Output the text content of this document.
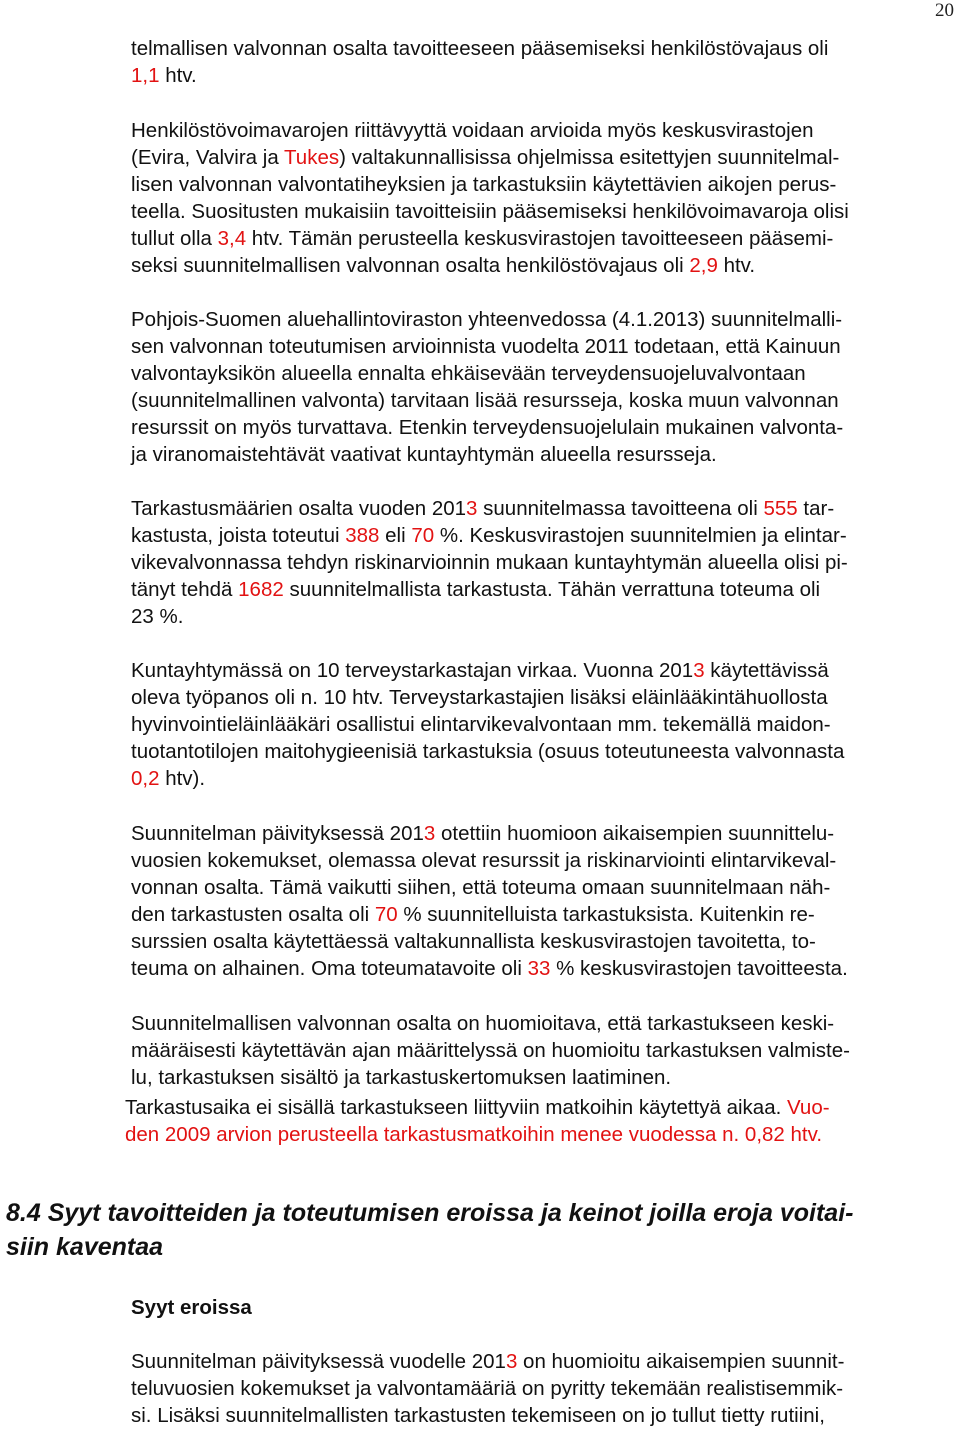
20
telmallisen valvonnan osalta tavoitteeseen pääsemiseksi henkilöstövajaus oli
1,1 htv.
Henkilöstövoimavarojen riittävyyttä voidaan arvioida myös keskusvirastojen
(Evira, Valvira ja Tukes) valtakunnallisissa ohjelmissa esitettyjen suunnitelmal-
lisen valvonnan valvontatiheyksien ja tarkastuksiin käytettävien aikojen perus-
teella. Suositusten mukaisiin tavoitteisiin pääsemiseksi henkilövoimavaroja olisi
tullut olla 3,4 htv. Tämän perusteella keskusvirastojen tavoitteeseen pääsemi-
seksi suunnitelmallisen valvonnan osalta henkilöstövajaus oli 2,9 htv.
Pohjois-Suomen aluehallintoviraston yhteenvedossa (4.1.2013) suunnitelmalli-
sen valvonnan toteutumisen arvioinnista vuodelta 2011 todetaan, että Kainuun
valvontayksikön alueella ennalta ehkäisevään terveydensuojeluvalvontaan
(suunnitelmallinen valvonta) tarvitaan lisää resursseja, koska muun valvonnan
resurssit on myös turvattava. Etenkin terveydensuojelulain mukainen valvonta-
ja viranomaistehtävät vaativat kuntayhtymän alueella resursseja.
Tarkastusmäärien osalta vuoden 2013 suunnitelmassa tavoitteena oli 555 tar-
kastusta, joista toteutui 388 eli 70 %. Keskusvirastojen suunnitelmien ja elintar-
vikevalvonnassa tehdyn riskinarvioinnin mukaan kuntayhtymän alueella olisi pi-
tänyt tehdä 1682 suunnitelmallista tarkastusta. Tähän verrattuna toteuma oli
23 %.
Kuntayhtymässä on 10 terveystarkastajan virkaa. Vuonna 2013 käytettävissä
oleva työpanos oli n. 10 htv. Terveystarkastajien lisäksi eläinlääkintähuollosta
hyvinvointieläinlääkäri osallistui elintarvikevalvontaan mm. tekemällä maidon-
tuotantotilojen maitohygieenisiä tarkastuksia (osuus toteutuneesta valvonnasta
0,2 htv).
Suunnitelman päivityksessä 2013 otettiin huomioon aikaisempien suunnittelu-
vuosien kokemukset, olemassa olevat resurssit ja riskinarviointi elintarvikeval-
vonnan osalta. Tämä vaikutti siihen, että toteuma omaan suunnitelmaan näh-
den tarkastusten osalta oli 70 % suunnitelluista tarkastuksista. Kuitenkin re-
surssien osalta käytettäessä valtakunnallista keskusvirastojen tavoitetta, to-
teuma on alhainen. Oma toteumatavoite oli 33 % keskusvirastojen tavoitteesta.
Suunnitelmallisen valvonnan osalta on huomioitava, että tarkastukseen keski-
määräisesti käytettävän ajan määrittelyssä on huomioitu tarkastuksen valmiste-
lu, tarkastuksen sisältö ja tarkastuskertomuksen laatiminen.
Tarkastusaika ei sisällä tarkastukseen liittyviin matkoihin käytettyä aikaa. Vuo-
den 2009 arvion perusteella tarkastusmatkoihin menee vuodessa n. 0,82 htv.
Suunnitelman päivityksessä vuodelle 2013 on huomioitu aikaisempien suunnit-
teluvuosien kokemukset ja valvontamääriä on pyritty tekemään realistisemmik-
si. Lisäksi suunnitelmallisten tarkastusten tekemiseen on jo tullut tietty rutiini,
8.4 Syyt tavoitteiden ja toteutumisen eroissa ja keinot joilla eroja voitai-
siin kaventaa
Syyt eroissa
